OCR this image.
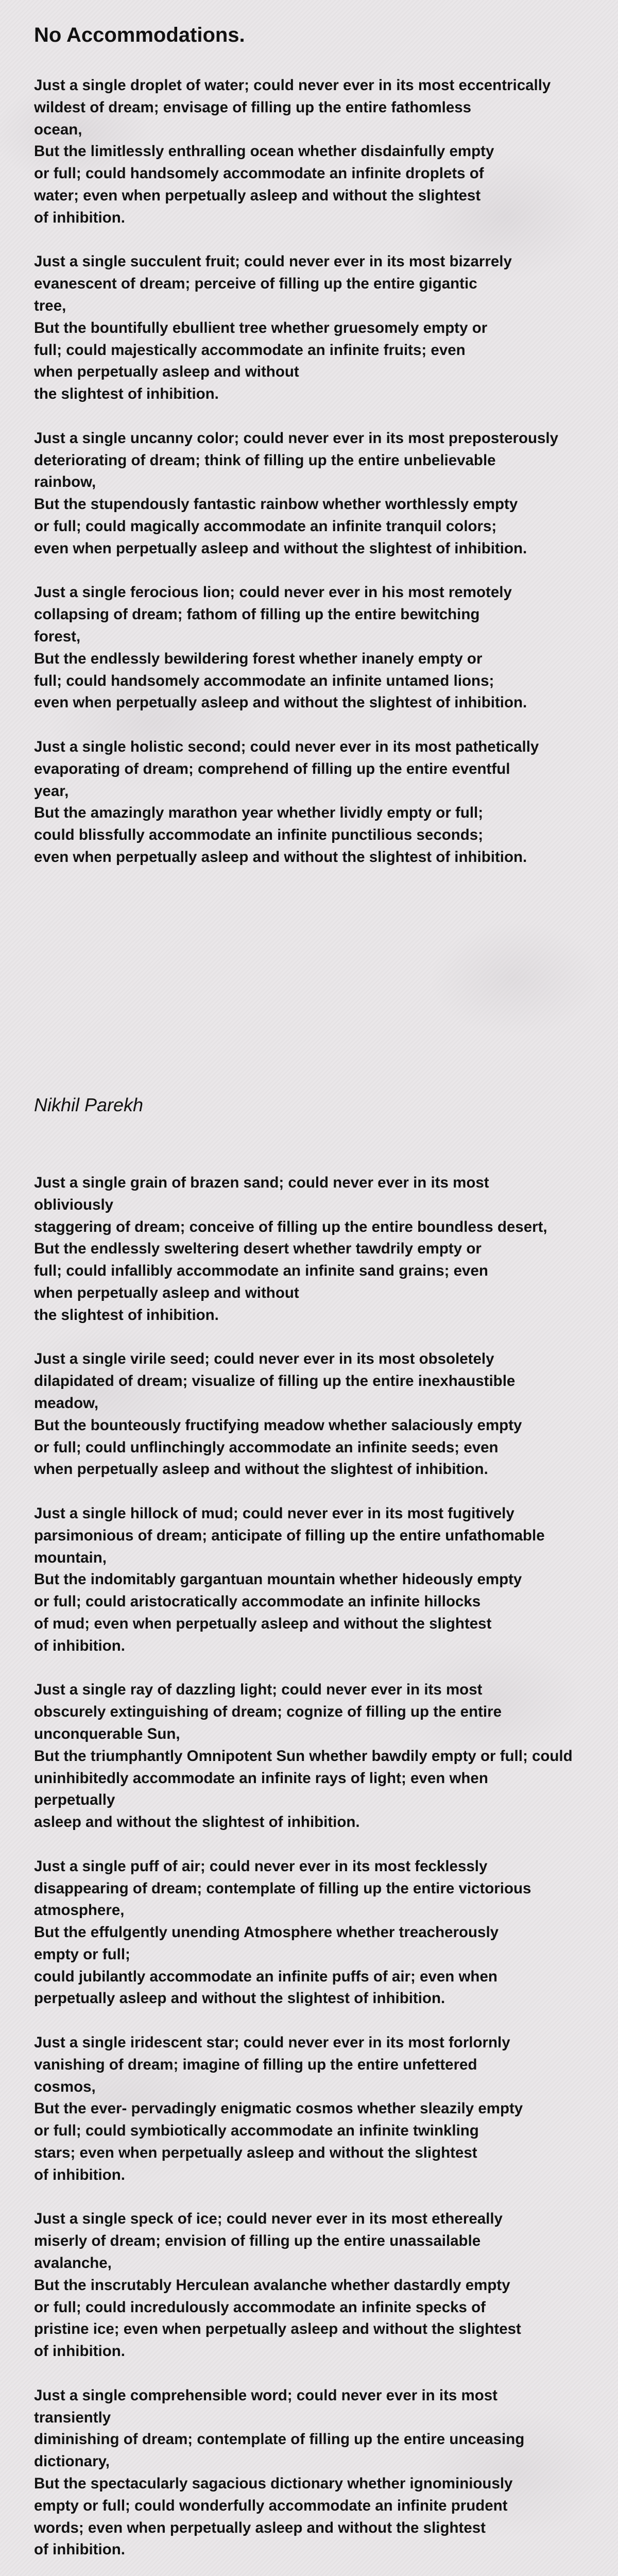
No Accommodations.
Just a single droplet of water; could never ever in its most eccentrically
wildest of dream; envisage of filling up the entire fathomless
ocean,
But the limitlessly enthralling ocean whether disdainfully empty
or full; could handsomely accommodate an infinite droplets of
water; even when perpetually asleep and without the slightest
of inhibition.
Just a single succulent fruit; could never ever in its most bizarrely
evanescent of dream; perceive of filling up the entire gigantic
tree,
But the bountifully ebullient tree whether gruesomely empty or
full; could majestically accommodate an infinite fruits; even
when perpetually asleep and without
the slightest of inhibition.
Just a single uncanny color; could never ever in its most preposterously
deteriorating of dream; think of filling up the entire unbelievable
rainbow,
But the stupendously fantastic rainbow whether worthlessly empty
or full; could magically accommodate an infinite tranquil colors;
even when perpetually asleep and without the slightest of inhibition.
Just a single ferocious lion; could never ever in his most remotely
collapsing of dream; fathom of filling up the entire bewitching
forest,
But the endlessly bewildering forest whether inanely empty or
full; could handsomely accommodate an infinite untamed lions;
even when perpetually asleep and without the slightest of inhibition.
Just a single holistic second; could never ever in its most pathetically
evaporating of dream; comprehend of filling up the entire eventful
year,
But the amazingly marathon year whether lividly empty or full;
could blissfully accommodate an infinite punctilious seconds;
even when perpetually asleep and without the slightest of inhibition.
Nikhil Parekh
Just a single grain of brazen sand; could never ever in its most
obliviously
staggering of dream; conceive of filling up the entire boundless desert,
But the endlessly sweltering desert whether tawdrily empty or
full; could infallibly accommodate an infinite sand grains; even
when perpetually asleep and without
the slightest of inhibition.
Just a single virile seed; could never ever in its most obsoletely
dilapidated of dream; visualize of filling up the entire inexhaustible
meadow,
But the bounteously fructifying meadow whether salaciously empty
or full; could unflinchingly accommodate an infinite seeds; even
when perpetually asleep and without the slightest of inhibition.
Just a single hillock of mud; could never ever in its most fugitively
parsimonious of dream; anticipate of filling up the entire unfathomable
mountain,
But the indomitably gargantuan mountain whether hideously empty
or full; could aristocratically accommodate an infinite hillocks
of mud; even when perpetually asleep and without the slightest
of inhibition.
Just a single ray of dazzling light; could never ever in its most
obscurely extinguishing of dream; cognize of filling up the entire
unconquerable Sun,
But the triumphantly Omnipotent Sun whether bawdily empty or full; could
uninhibitedly accommodate an infinite rays of light; even when
perpetually
asleep and without the slightest of inhibition.
Just a single puff of air; could never ever in its most fecklessly
disappearing of dream; contemplate of filling up the entire victorious
atmosphere,
But the effulgently unending Atmosphere whether treacherously
empty or full;
could jubilantly accommodate an infinite puffs of air; even when
perpetually asleep and without the slightest of inhibition.
Just a single iridescent star; could never ever in its most forlornly
vanishing of dream; imagine of filling up the entire unfettered
cosmos,
But the ever- pervadingly enigmatic cosmos whether sleazily empty
or full; could symbiotically accommodate an infinite twinkling
stars; even when perpetually asleep and without the slightest
of inhibition.
Just a single speck of ice; could never ever in its most ethereally
miserly of dream; envision of filling up the entire unassailable
avalanche,
But the inscrutably Herculean avalanche whether dastardly empty
or full; could incredulously accommodate an infinite specks of
pristine ice; even when perpetually asleep and without the slightest
of inhibition.
Just a single comprehensible word; could never ever in its most
transiently
diminishing of dream; contemplate of filling up the entire unceasing
dictionary,
But the spectacularly sagacious dictionary whether ignominiously
empty or full; could wonderfully accommodate an infinite prudent
words; even when perpetually asleep and without the slightest
of inhibition.
